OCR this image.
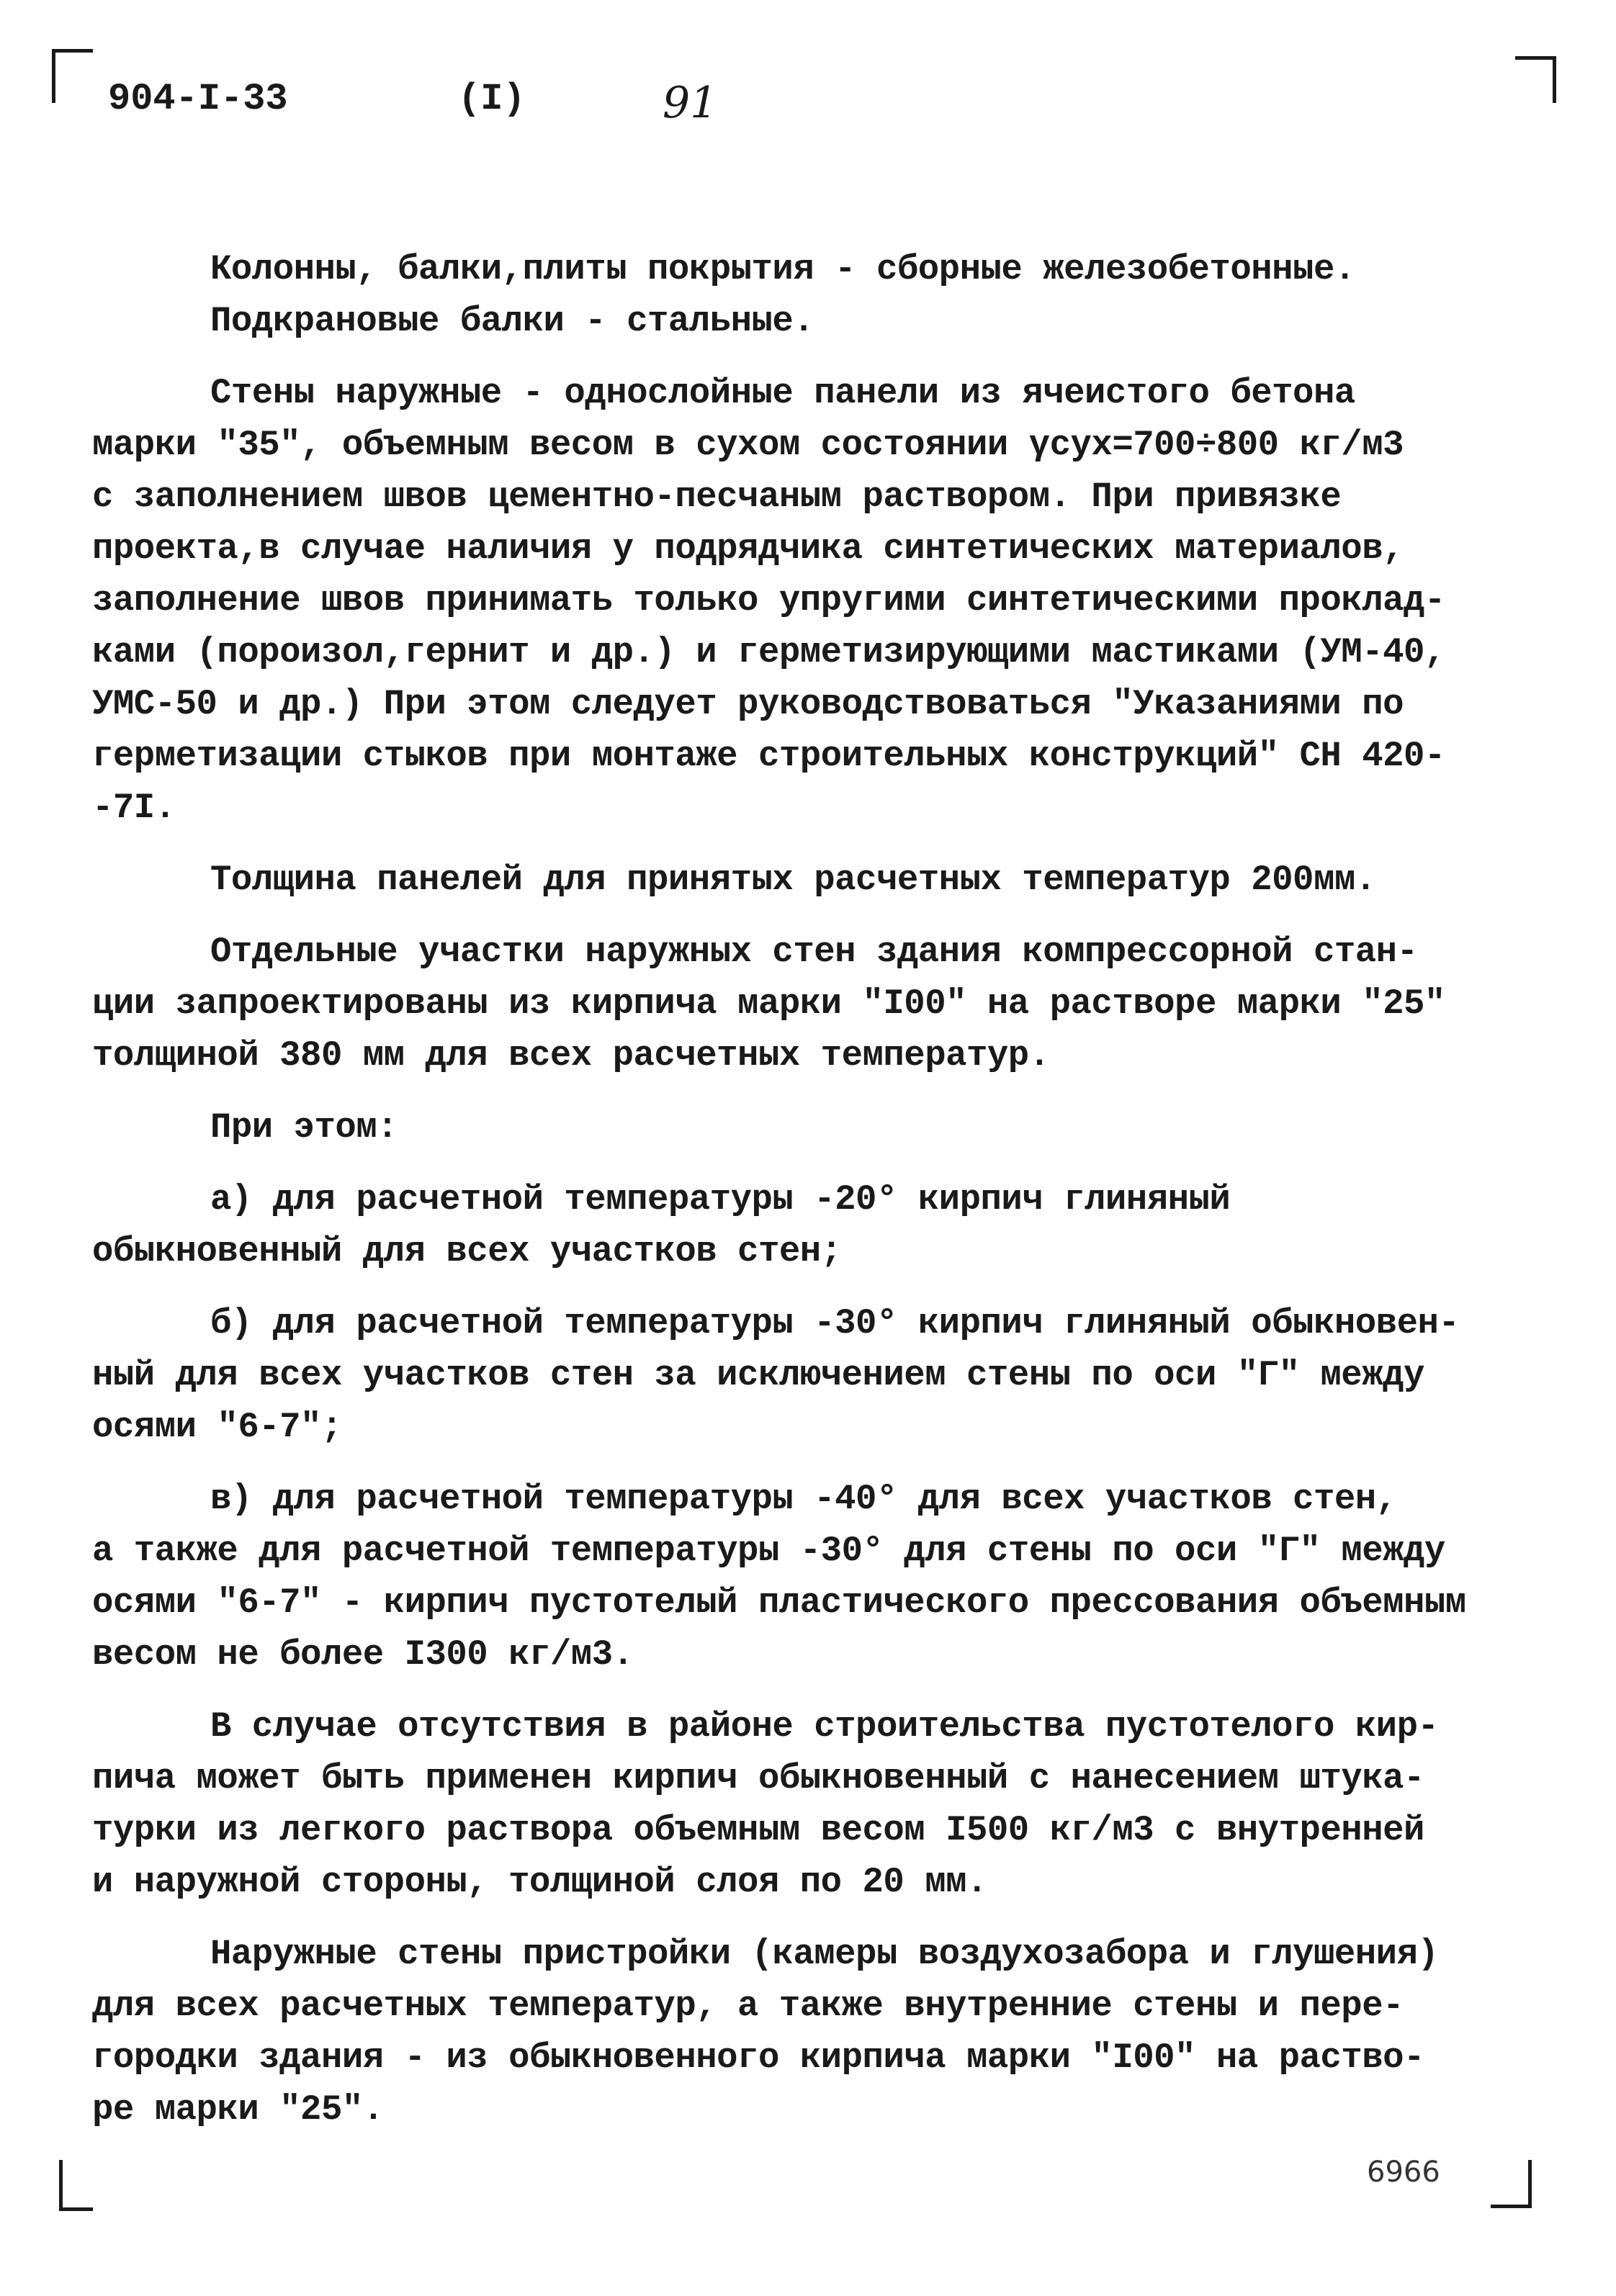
904-I-33	(I)	91
Колонны, балки,плиты покрытия - сборные железобетонные.
Подкрановые балки - стальные.
Стены наружные - однослойные панели из ячеистого бетона
марки "35", объемным весом в сухом состоянии γсух=700÷800 кг/м3
с заполнением швов цементно-песчаным раствором. При привязке
проекта,в случае наличия у подрядчика синтетических материалов,
заполнение швов принимать только упругими синтетическими проклад-
ками (пороизол,гернит и др.) и герметизирующими мастиками (УМ-40,
УМС-50 и др.) При этом следует руководствоваться "Указаниями по
герметизации стыков при монтаже строительных конструкций" СН 420-
-7I.
Толщина панелей для принятых расчетных температур 200мм.
Отдельные участки наружных стен здания компрессорной стан-
ции запроектированы из кирпича марки "I00" на растворе марки "25"
толщиной 380 мм для всех расчетных температур.
При этом:
а) для расчетной температуры -20° кирпич глиняный
обыкновенный для всех участков стен;
б) для расчетной температуры -30° кирпич глиняный обыкновен-
ный для всех участков стен за исключением стены по оси "Г" между
осями "6-7";
в) для расчетной температуры -40° для всех участков стен,
а также для расчетной температуры -30° для стены по оси "Г" между
осями "6-7" - кирпич пустотелый пластического прессования объемным
весом не более I300 кг/м3.
В случае отсутствия в районе строительства пустотелого кир-
пича может быть применен кирпич обыкновенный с нанесением штука-
турки из легкого раствора объемным весом I500 кг/м3 с внутренней
и наружной стороны, толщиной слоя по 20 мм.
Наружные стены пристройки (камеры воздухозабора и глушения)
для всех расчетных температур, а также внутренние стены и пере-
городки здания - из обыкновенного кирпича марки "I00" на раство-
ре марки "25".
6966
